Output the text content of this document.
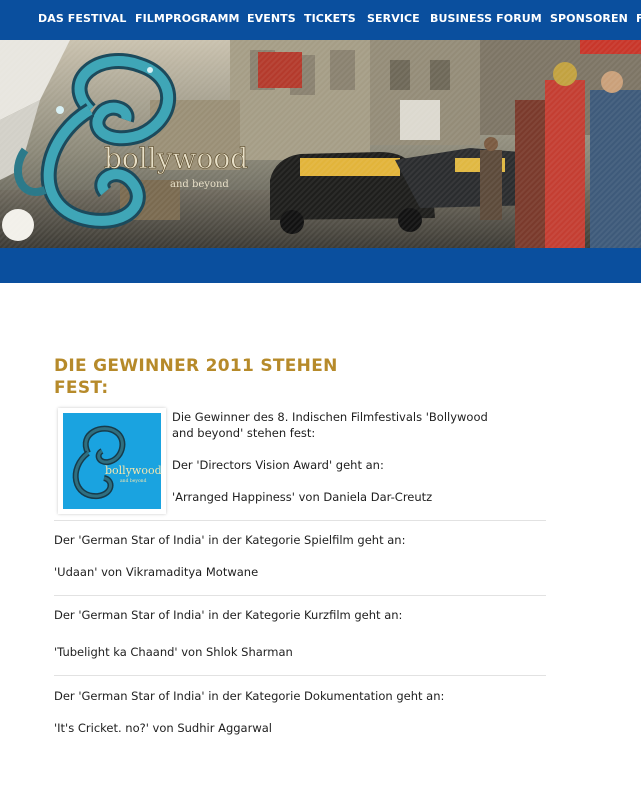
DAS FESTIVAL FILMPROGRAMM EVENTS TICKETS SERVICE BUSINESS FORUM SPONSOREN F
bollywood
and beyond
DIE GEWINNER 2011 STEHEN FEST:
bollywood
and beyond
Die Gewinner des 8. Indischen Filmfestivals 'Bollywood
and beyond' stehen fest:
Der 'Directors Vision Award' geht an:
'Arranged Happiness' von Daniela Dar-Creutz
Der 'German Star of India' in der Kategorie Spielfilm geht an:
'Udaan' von Vikramaditya Motwane
Der 'German Star of India' in der Kategorie Kurzfilm geht an:
'Tubelight ka Chaand' von Shlok Sharman
Der 'German Star of India' in der Kategorie Dokumentation geht an:
'It's Cricket. no?' von Sudhir Aggarwal
